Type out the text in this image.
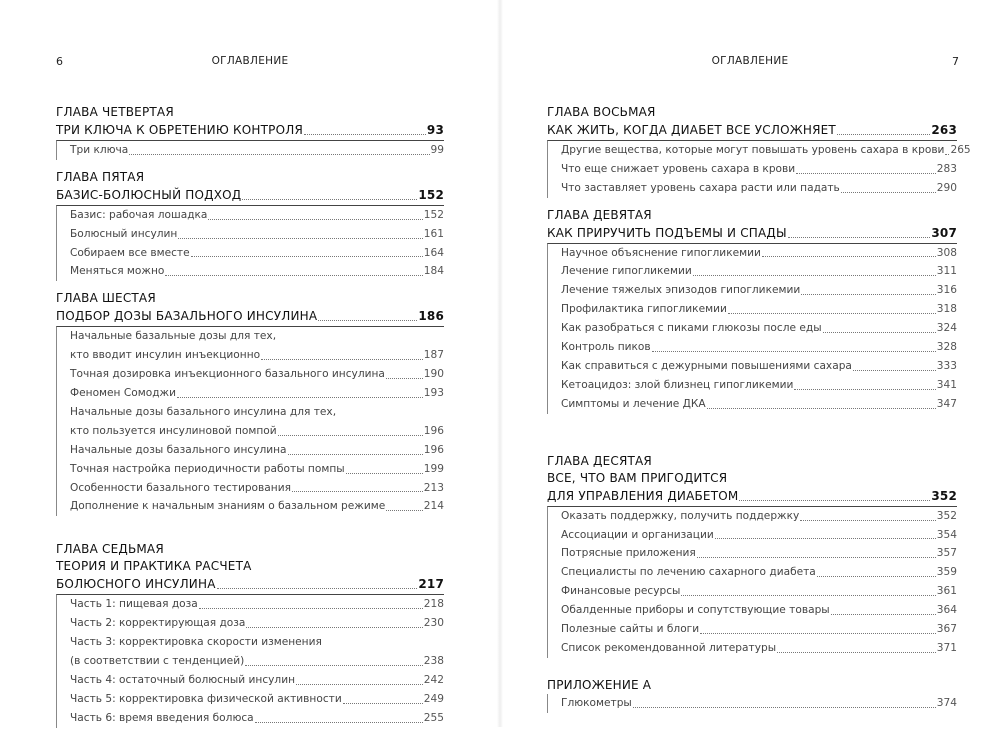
6	ОГЛАВЛЕНИЕ
ГЛАВА ЧЕТВЕРТАЯ
ТРИ КЛЮЧА К ОБРЕТЕНИЮ КОНТРОЛЯ	93
Три ключа	99
ГЛАВА ПЯТАЯ
БАЗИС-БОЛЮСНЫЙ ПОДХОД	152
Базис: рабочая лошадка	152
Болюсный инсулин	161
Собираем все вместе	164
Меняться можно	184
ГЛАВА ШЕСТАЯ
ПОДБОР ДОЗЫ БАЗАЛЬНОГО ИНСУЛИНА	186
Начальные базальные дозы для тех,
кто вводит инсулин инъекционно	187
Точная дозировка инъекционного базального инсулина	190
Феномен Сомоджи	193
Начальные дозы базального инсулина для тех,
кто пользуется инсулиновой помпой	196
Начальные дозы базального инсулина	196
Точная настройка периодичности работы помпы	199
Особенности базального тестирования	213
Дополнение к начальным знаниям о базальном режиме	214
ГЛАВА СЕДЬМАЯ
ТЕОРИЯ И ПРАКТИКА РАСЧЕТА
БОЛЮСНОГО ИНСУЛИНА	217
Часть 1: пищевая доза	218
Часть 2: корректирующая доза	230
Часть 3: корректировка скорости изменения
(в соответствии с тенденцией)	238
Часть 4: остаточный болюсный инсулин	242
Часть 5: корректировка физической активности	249
Часть 6: время введения болюса	255
ОГЛАВЛЕНИЕ	7
ГЛАВА ВОСЬМАЯ
КАК ЖИТЬ, КОГДА ДИАБЕТ ВСЕ УСЛОЖНЯЕТ	263
Другие вещества, которые могут повышать уровень сахара в крови 265
Что еще снижает уровень сахара в крови	283
Что заставляет уровень сахара расти или падать	290
ГЛАВА ДЕВЯТАЯ
КАК ПРИРУЧИТЬ ПОДЪЕМЫ И СПАДЫ	307
Научное объяснение гипогликемии	308
Лечение гипогликемии	311
Лечение тяжелых эпизодов гипогликемии	316
Профилактика гипогликемии	318
Как разобраться с пиками глюкозы после еды	324
Контроль пиков	328
Как справиться с дежурными повышениями сахара	333
Кетоацидоз: злой близнец гипогликемии	341
Симптомы и лечение ДКА	347
ГЛАВА ДЕСЯТАЯ
ВСЕ, ЧТО ВАМ ПРИГОДИТСЯ
ДЛЯ УПРАВЛЕНИЯ ДИАБЕТОМ	352
Оказать поддержку, получить поддержку	352
Ассоциации и организации	354
Потрясные приложения	357
Специалисты по лечению сахарного диабета	359
Финансовые ресурсы	361
Обалденные приборы и сопутствующие товары	364
Полезные сайты и блоги	367
Список рекомендованной литературы	371
ПРИЛОЖЕНИЕ А
Глюкометры	374
